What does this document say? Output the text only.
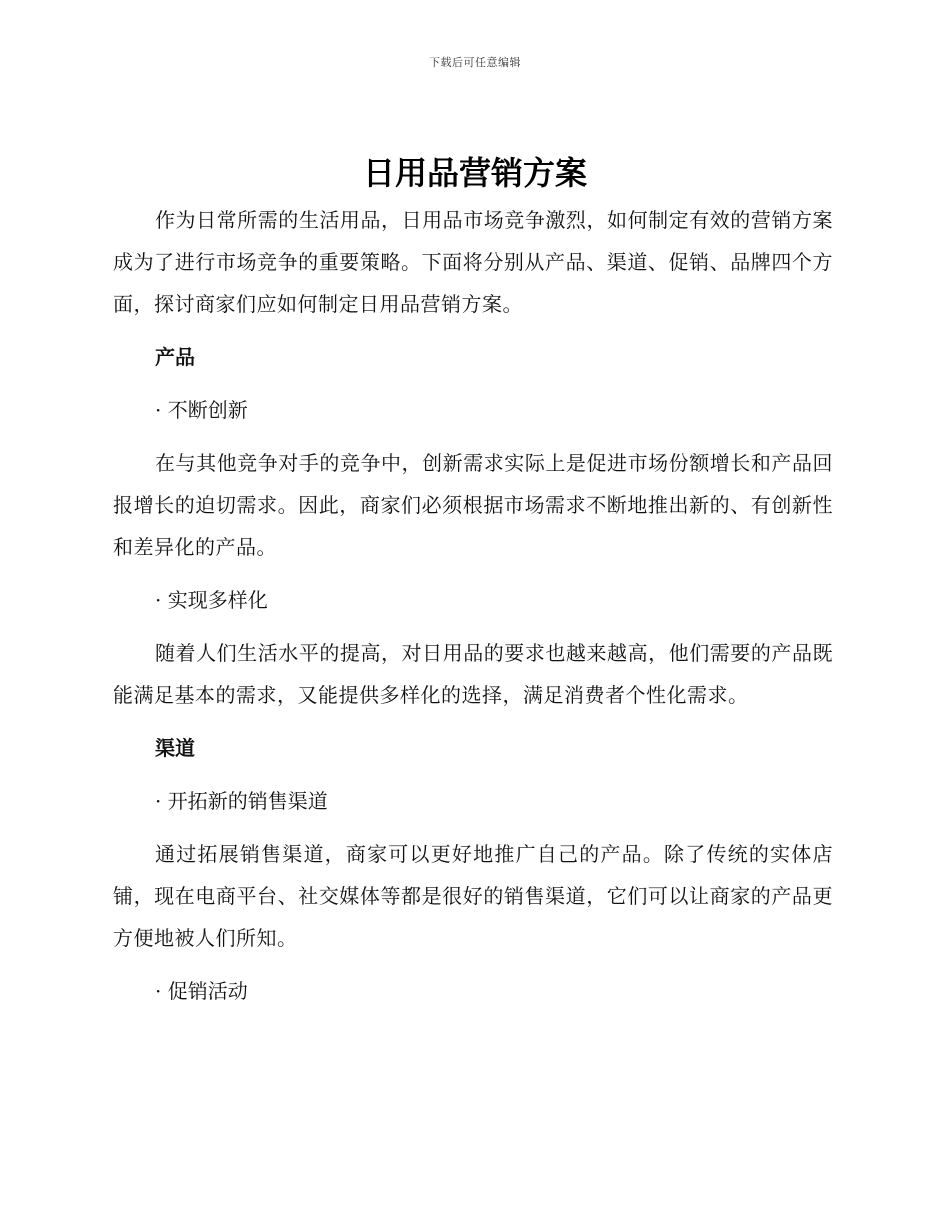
下载后可任意编辑
日用品营销方案

作为日常所需的生活用品，日用品市场竞争激烈，如何制定有效的营销方案成为了进行市场竞争的重要策略。下面将分别从产品、渠道、促销、品牌四个方面，探讨商家们应如何制定日用品营销方案。

产品
· 不断创新

在与其他竞争对手的竞争中，创新需求实际上是促进市场份额增长和产品回报增长的迫切需求。因此，商家们必须根据市场需求不断地推出新的、有创新性和差异化的产品。

· 实现多样化

随着人们生活水平的提高，对日用品的要求也越来越高，他们需要的产品既能满足基本的需求，又能提供多样化的选择，满足消费者个性化需求。

渠道
· 开拓新的销售渠道

通过拓展销售渠道，商家可以更好地推广自己的产品。除了传统的实体店铺，现在电商平台、社交媒体等都是很好的销售渠道，它们可以让商家的产品更方便地被人们所知。

· 促销活动
